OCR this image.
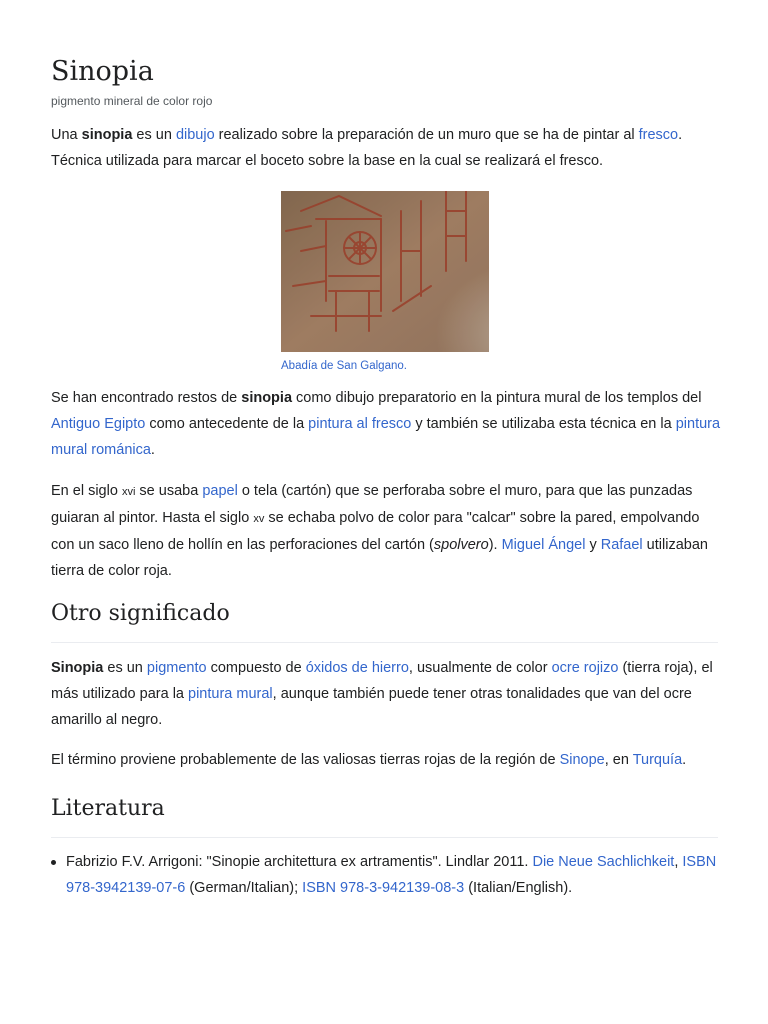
Sinopia
pigmento mineral de color rojo

Una sinopia es un dibujo realizado sobre la preparación de un muro que se ha de pintar al fresco. Técnica utilizada para marcar el boceto sobre la base en la cual se realizará el fresco.

Abadía de San Galgano.

Se han encontrado restos de sinopia como dibujo preparatorio en la pintura mural de los templos del Antiguo Egipto como antecedente de la pintura al fresco y también se utilizaba esta técnica en la pintura mural románica.

En el siglo xvi se usaba papel o tela (cartón) que se perforaba sobre el muro, para que las punzadas guiaran al pintor. Hasta el siglo xv se echaba polvo de color para "calcar" sobre la pared, empolvando con un saco lleno de hollín en las perforaciones del cartón (spolvero). Miguel Ángel y Rafael utilizaban tierra de color roja.

Otro significado

Sinopia es un pigmento compuesto de óxidos de hierro, usualmente de color ocre rojizo (tierra roja), el más utilizado para la pintura mural, aunque también puede tener otras tonalidades que van del ocre amarillo al negro.

El término proviene probablemente de las valiosas tierras rojas de la región de Sinope, en Turquía.

Literatura
Fabrizio F.V. Arrigoni: "Sinopie architettura ex artramentis". Lindlar 2011. Die Neue Sachlichkeit, ISBN 978-3942139-07-6 (German/Italian); ISBN 978-3-942139-08-3 (Italian/English).
